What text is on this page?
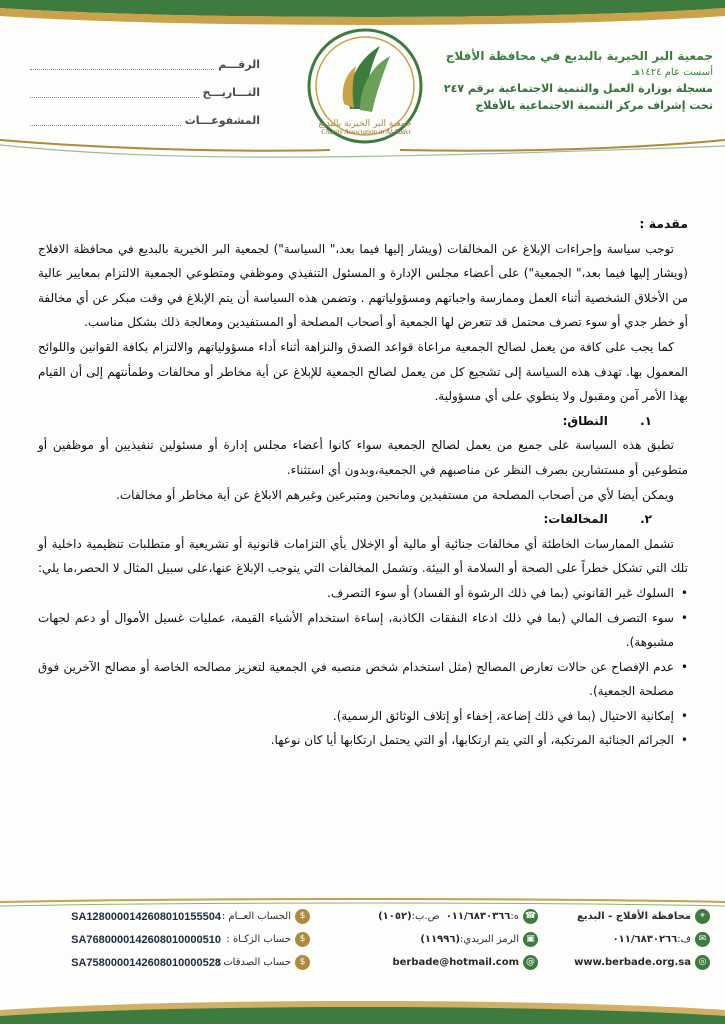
جمعية البر الخيرية بالبديع في محافظة الأفلاج
أسست عام ١٤٢٤هـ
مسجلة بوزارة العمل والتنمية الاجتماعية برقم ٢٤٧
تحت إشراف مركز التنمية الاجتماعية بالأفلاج
جمعية البر الخيرية بالبديع
Charity Association in Al-Badei
الرقـــم
التـــاريـــخ
المشفوعـــات

مقدمة :

توجب سياسة وإجراءات الإبلاغ عن المخالفات (ويشار إليها فيما بعد،" السياسة") لجمعية البر الخيرية بالبديع في محافظة الافلاج (ويشار إليها فيما بعد،" الجمعية") على أعضاء مجلس الإدارة و المسئول التنفيذي وموظفي ومتطوعي الجمعية الالتزام بمعايير عالية من الأخلاق الشخصية أثناء العمل وممارسة واجباتهم ومسؤولياتهم . وتضمن هذه السياسة أن يتم الإبلاغ في وقت مبكر عن أي مخالفة أو خطر جدي أو سوء تصرف محتمل قد تتعرض لها الجمعية أو أصحاب المصلحة أو المستفيدين ومعالجة ذلك بشكل مناسب.

كما يجب على كافة من يعمل لصالح الجمعية مراعاة قواعد الصدق والنزاهة أثناء أداء مسؤولياتهم والالتزام بكافة القوانين واللوائح المعمول بها. تهدف هذه السياسة إلى تشجيع كل من يعمل لصالح الجمعية للإبلاغ عن أية مخاطر أو مخالفات وطمأنتهم إلى أن القيام بهذا الأمر آمن ومقبول ولا ينطوي على أي مسؤولية.

١. النطاق:

تطبق هذه السياسة على جميع من يعمل لصالح الجمعية سواء كانوا أعضاء مجلس إدارة أو مسئولين تنفيذيين أو موظفين أو متطوعين أو مستشارين بصرف النظر عن مناصبهم في الجمعية،وبدون أي استثناء.

ويمكن أيضا لأي من أصحاب المصلحة من مستفيدين ومانحين ومتبرعين وغيرهم الابلاغ عن أية مخاطر أو مخالفات.

٢. المخالفات:

تشمل الممارسات الخاطئة أي مخالفات جنائية أو مالية أو الإخلال بأي التزامات قانونية أو تشريعية أو متطلبات تنظيمية داخلية أو تلك التي تشكل خطراً على الصحة أو السلامة أو البيئة. وتشمل المخالفات التي يتوجب الإبلاغ عنها،على سبيل المثال لا الحصر،ما يلي:

• السلوك غير القانوني (بما في ذلك الرشوة أو الفساد) أو سوء التصرف.
• سوء التصرف المالي (بما في ذلك ادعاء النفقات الكاذبة، إساءة استخدام الأشياء القيمة، عمليات غسيل الأموال أو دعم لجهات مشبوهة).
• عدم الإفصاح عن حالات تعارض المصالح (مثل استخدام شخص منصبه في الجمعية لتعزيز مصالحه الخاصة أو مصالح الآخرين فوق مصلحة الجمعية).
• إمكانية الاحتيال (بما في ذلك إضاعة، إخفاء أو إتلاف الوثائق الرسمية).
• الجرائم الجنائية المرتكبة، أو التي يتم ارتكابها، أو التي يحتمل ارتكابها أيا كان نوعها.
⌖
محافظة الأفلاج - البديع
✉
ف:
٠١١/٦٨٣٠٢٦٦
◎
www.berbade.org.sa
☎
ه:
٠١١/٦٨٣٠٣٦٦
ص.ب:
(١٠٥٢)
▣
الرمز البريدي:
(١١٩٩٦)
@
berbade@hotmail.com
$
الحساب العــام :
SA1280000142608010155504
$
حساب الزكـاة :
SA7680000142608010000510
$
حساب الصدقات :
SA7580000142608010000528
